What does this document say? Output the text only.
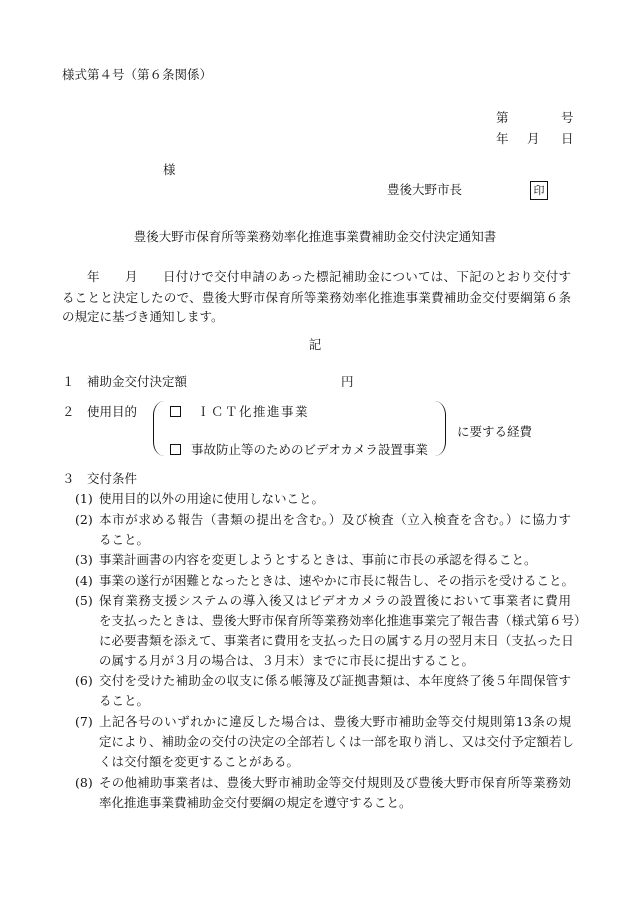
様式第４号（第６条関係）
第	号
年 月 日
様
豊後大野市長	印
豊後大野市保育所等業務効率化推進事業費補助金交付決定通知書
年 月 日付けで交付申請のあった標記補助金については、下記のとおり交付す
ることと決定したので、豊後大野市保育所等業務効率化推進事業費補助金交付要綱第６条
の規定に基づき通知します。
記
１ 補助金交付決定額	円
２ 使用目的	ＩＣＴ化推進事業
事故防止等のためのビデオカメラ設置事業
に要する経費
３ 交付条件
(1) 使用目的以外の用途に使用しないこと。
(2) 本市が求める報告（書類の提出を含む。）及び検査（立入検査を含む。）に協力す
ること。
(3) 事業計画書の内容を変更しようとするときは、事前に市長の承認を得ること。
(4) 事業の遂行が困難となったときは、速やかに市長に報告し、その指示を受けること。
(5) 保育業務支援システムの導入後又はビデオカメラの設置後において事業者に費用
を支払ったときは、豊後大野市保育所等業務効率化推進事業完了報告書（様式第６号）
に必要書類を添えて、事業者に費用を支払った日の属する月の翌月末日（支払った日
の属する月が３月の場合は、３月末）までに市長に提出すること。
(6) 交付を受けた補助金の収支に係る帳簿及び証拠書類は、本年度終了後５年間保管す
ること。
(7) 上記各号のいずれかに違反した場合は、豊後大野市補助金等交付規則第13条の規
定により、補助金の交付の決定の全部若しくは一部を取り消し、又は交付予定額若し
くは交付額を変更することがある。
(8) その他補助事業者は、豊後大野市補助金等交付規則及び豊後大野市保育所等業務効
率化推進事業費補助金交付要綱の規定を遵守すること。
